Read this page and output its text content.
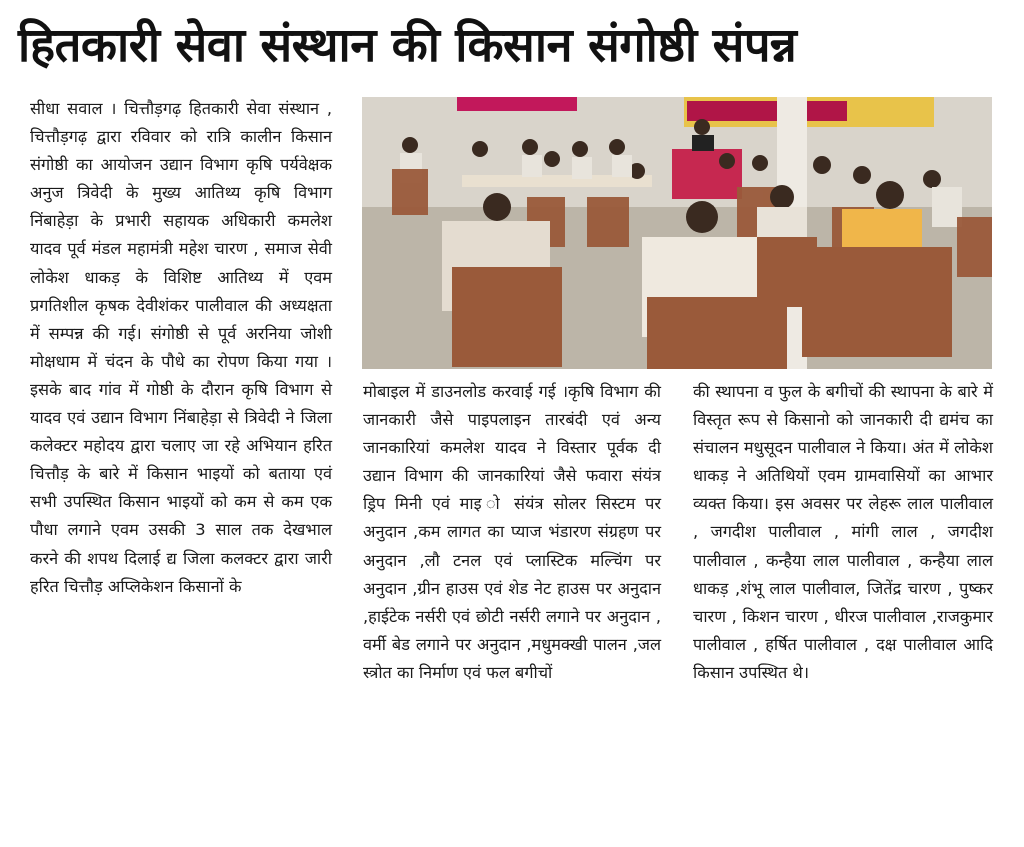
हितकारी सेवा संस्थान की किसान संगोष्ठी संपन्न

सीधा सवाल । चित्तौड़गढ़ हितकारी सेवा संस्थान , चित्तौड़गढ़ द्वारा रविवार को रात्रि कालीन किसान संगोष्ठी का आयोजन उद्यान विभाग कृषि पर्यवेक्षक अनुज त्रिवेदी के मुख्य आतिथ्य कृषि विभाग निंबाहेड़ा के प्रभारी सहायक अधिकारी कमलेश यादव पूर्व मंडल महामंत्री महेश चारण , समाज सेवी लोकेश धाकड़ के विशिष्ट आतिथ्य में एवम प्रगतिशील कृषक देवीशंकर पालीवाल की अध्यक्षता में सम्पन्न की गई। संगोष्ठी से पूर्व अरनिया जोशी मोक्षधाम में चंदन के पौधे का रोपण किया गया । इसके बाद गांव में गोष्ठी के दौरान कृषि विभाग से यादव एवं उद्यान विभाग निंबाहेड़ा से त्रिवेदी ने जिला कलेक्टर महोदय द्वारा चलाए जा रहे अभियान हरित चित्तौड़ के बारे में किसान भाइयों को बताया एवं सभी उपस्थित किसान भाइयों को कम से कम एक पौधा लगाने एवम उसकी 3 साल तक देखभाल करने की शपथ दिलाई द्य जिला कलक्टर द्वारा जारी हरित चित्तौड़ अप्लिकेशन किसानों के

मोबाइल में डाउनलोड करवाई गई ।कृषि विभाग की जानकारी जैसे पाइपलाइन तारबंदी एवं अन्य जानकारियां कमलेश यादव ने विस्तार पूर्वक दी उद्यान विभाग की जानकारियां जैसे फवारा संयंत्र ड्रिप मिनी एवं माइ ो संयंत्र सोलर सिस्टम पर अनुदान ,कम लागत का प्याज भंडारण संग्रहण पर अनुदान ,लौ टनल एवं प्लास्टिक मल्चिंग पर अनुदान ,ग्रीन हाउस एवं शेड नेट हाउस पर अनुदान ,हाईटेक नर्सरी एवं छोटी नर्सरी लगाने पर अनुदान , वर्मी बेड लगाने पर अनुदान ,मधुमक्खी पालन ,जल स्त्रोत का निर्माण एवं फल बगीचों

की स्थापना व फुल के बगीचों की स्थापना के बारे में विस्तृत रूप से किसानो को जानकारी दी द्यमंच का संचालन मधुसूदन पालीवाल ने किया। अंत में लोकेश धाकड़ ने अतिथियों एवम ग्रामवासियों का आभार व्यक्त किया। इस अवसर पर लेहरू लाल पालीवाल , जगदीश पालीवाल , मांगी लाल , जगदीश पालीवाल , कन्हैया लाल पालीवाल , कन्हैया लाल धाकड़ ,शंभू लाल पालीवाल, जितेंद्र चारण , पुष्कर चारण , किशन चारण , धीरज पालीवाल ,राजकुमार पालीवाल , हर्षित पालीवाल , दक्ष पालीवाल आदि किसान उपस्थित थे।
